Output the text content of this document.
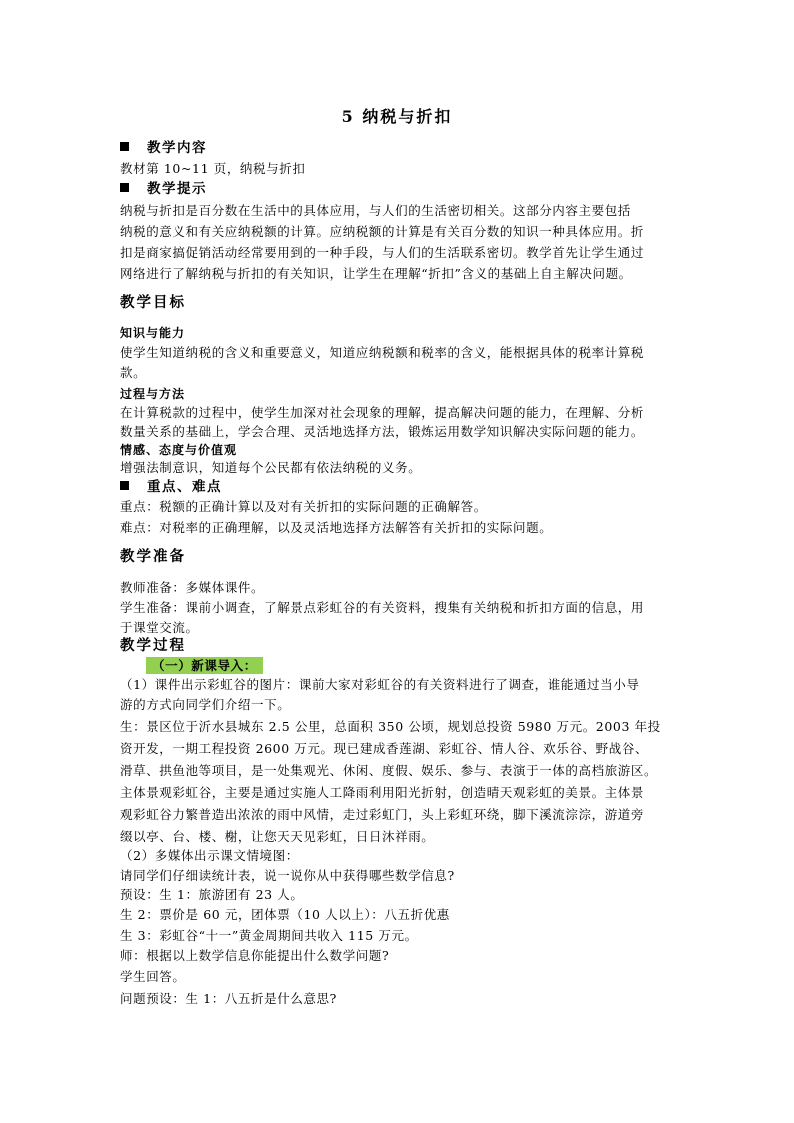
5 纳税与折扣
教学内容
教材第 10~11 页，纳税与折扣
教学提示
纳税与折扣是百分数在生活中的具体应用，与人们的生活密切相关。这部分内容主要包括
纳税的意义和有关应纳税额的计算。应纳税额的计算是有关百分数的知识一种具体应用。折
扣是商家搞促销活动经常要用到的一种手段，与人们的生活联系密切。教学首先让学生通过
网络进行了解纳税与折扣的有关知识，让学生在理解“折扣”含义的基础上自主解决问题。
教学目标
知识与能力
使学生知道纳税的含义和重要意义，知道应纳税额和税率的含义，能根据具体的税率计算税
款。
过程与方法
在计算税款的过程中，使学生加深对社会现象的理解，提高解决问题的能力，在理解、分析
数量关系的基础上，学会合理、灵活地选择方法，锻炼运用数学知识解决实际问题的能力。
情感、态度与价值观
增强法制意识，知道每个公民都有依法纳税的义务。
重点、难点
重点：税额的正确计算以及对有关折扣的实际问题的正确解答。
难点：对税率的正确理解，以及灵活地选择方法解答有关折扣的实际问题。
教学准备
教师准备：多媒体课件。
学生准备：课前小调查，了解景点彩虹谷的有关资料，搜集有关纳税和折扣方面的信息，用
于课堂交流。
教学过程
（一）新课导入：
（1）课件出示彩虹谷的图片：课前大家对彩虹谷的有关资料进行了调查，谁能通过当小导
游的方式向同学们介绍一下。
生：景区位于沂水县城东 2.5 公里，总面积 350 公顷，规划总投资 5980 万元。2003 年投
资开发，一期工程投资 2600 万元。现已建成香莲湖、彩虹谷、情人谷、欢乐谷、野战谷、
滑草、拱鱼池等项目，是一处集观光、休闲、度假、娱乐、参与、表演于一体的高档旅游区。
主体景观彩虹谷，主要是通过实施人工降雨利用阳光折射，创造晴天观彩虹的美景。主体景
观彩虹谷力繁普造出浓浓的雨中风情，走过彩虹门，头上彩虹环绕，脚下溪流淙淙，游道旁
缀以亭、台、楼、榭，让您天天见彩虹，日日沐祥雨。
（2）多媒体出示课文情境图：
请同学们仔细读统计表，说一说你从中获得哪些数学信息?
预设：生 1：旅游团有 23 人。
生 2：票价是 60 元，团体票（10 人以上）：八五折优惠
生 3：彩虹谷“十一”黄金周期间共收入 115 万元。
师：根据以上数学信息你能提出什么数学问题?
学生回答。
问题预设：生 1：八五折是什么意思?
